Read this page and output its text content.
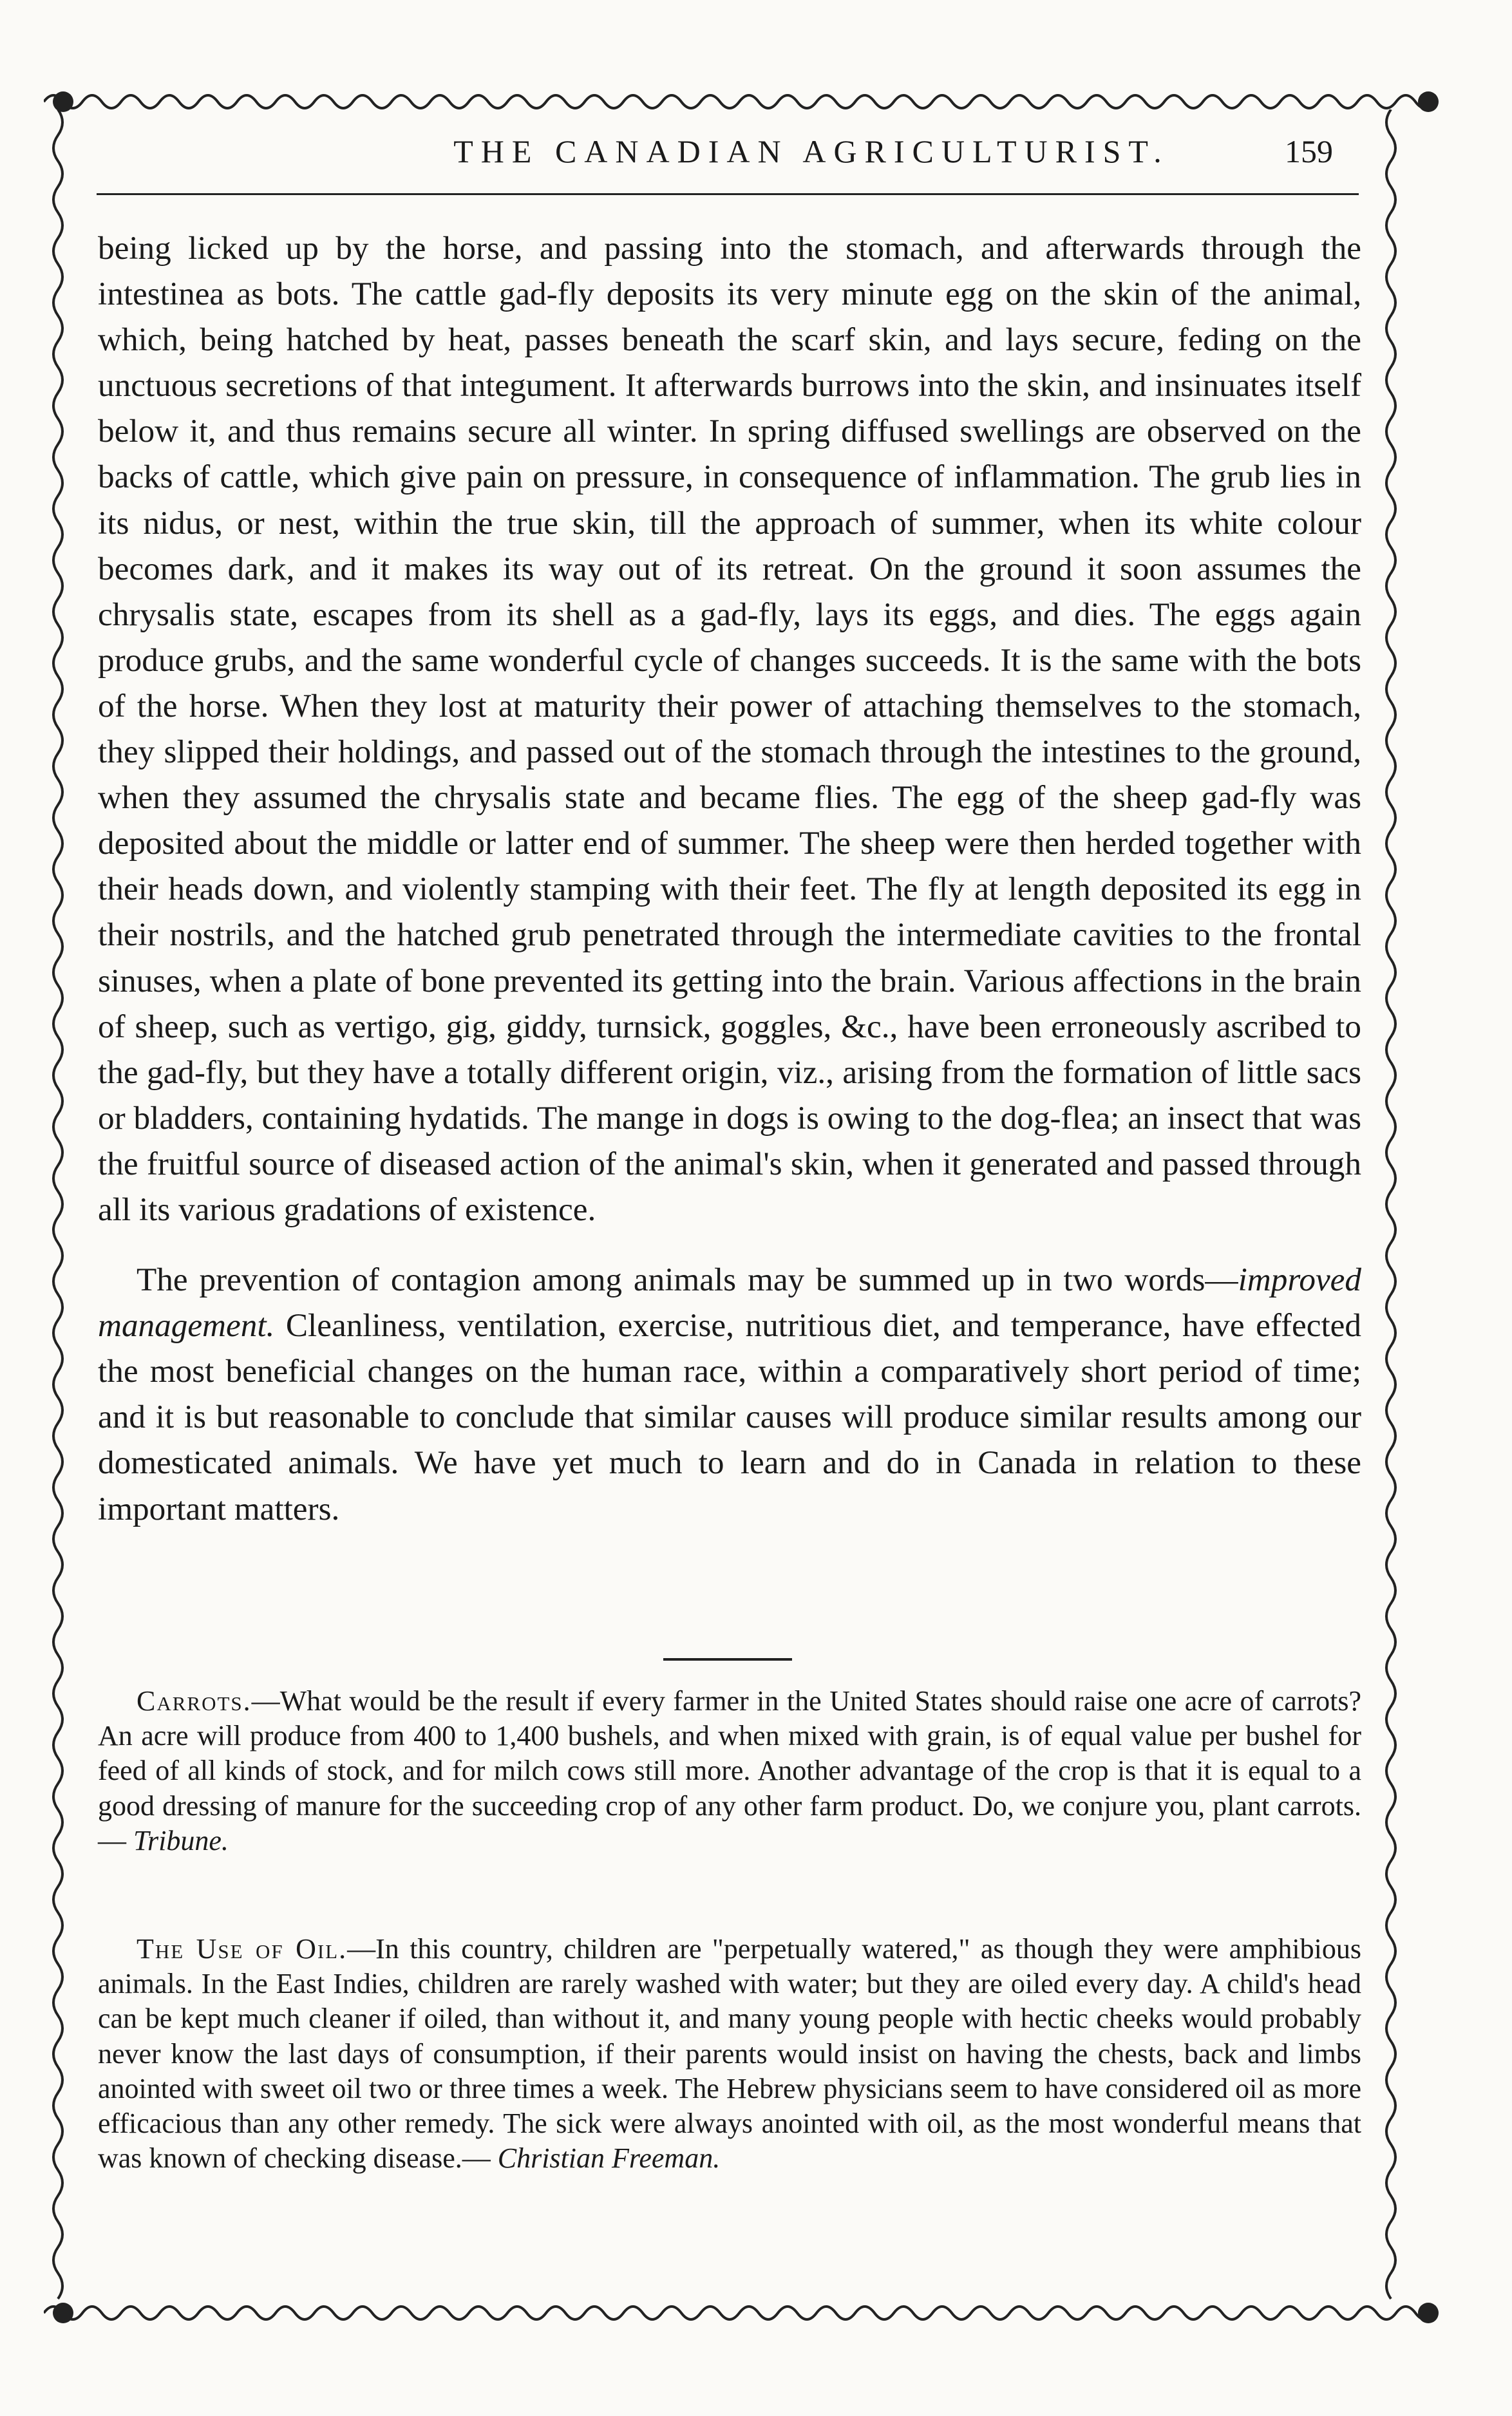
THE CANADIAN AGRICULTURIST.	159

being licked up by the horse, and passing into the stomach, and afterwards through the intestinea as bots. The cattle gad-fly deposits its very minute egg on the skin of the animal, which, being hatched by heat, passes beneath the scarf skin, and lays secure, feding on the unctuous secretions of that integument. It afterwards burrows into the skin, and insinuates itself below it, and thus remains secure all winter. In spring diffused swellings are observed on the backs of cattle, which give pain on pressure, in consequence of inflammation. The grub lies in its nidus, or nest, within the true skin, till the approach of summer, when its white colour becomes dark, and it makes its way out of its retreat. On the ground it soon assumes the chrysalis state, escapes from its shell as a gad-fly, lays its eggs, and dies. The eggs again produce grubs, and the same wonderful cycle of changes succeeds. It is the same with the bots of the horse. When they lost at maturity their power of attaching themselves to the stomach, they slipped their holdings, and passed out of the stomach through the intestines to the ground, when they assumed the chrysalis state and became flies. The egg of the sheep gad-fly was deposited about the middle or latter end of summer. The sheep were then herded together with their heads down, and violently stamping with their feet. The fly at length deposited its egg in their nostrils, and the hatched grub penetrated through the intermediate cavities to the frontal sinuses, when a plate of bone prevented its getting into the brain. Various affections in the brain of sheep, such as vertigo, gig, giddy, turnsick, goggles, &c., have been erroneously ascribed to the gad-fly, but they have a totally different origin, viz., arising from the formation of little sacs or bladders, containing hydatids. The mange in dogs is owing to the dog-flea; an insect that was the fruitful source of diseased action of the animal's skin, when it generated and passed through all its various gradations of existence.

The prevention of contagion among animals may be summed up in two words—improved management. Cleanliness, ventilation, exercise, nutritious diet, and temperance, have effected the most beneficial changes on the human race, within a comparatively short period of time; and it is but reasonable to conclude that similar causes will produce similar results among our domesticated animals. We have yet much to learn and do in Canada in relation to these important matters.

Carrots.—What would be the result if every farmer in the United States should raise one acre of carrots? An acre will produce from 400 to 1,400 bushels, and when mixed with grain, is of equal value per bushel for feed of all kinds of stock, and for milch cows still more. Another advantage of the crop is that it is equal to a good dressing of manure for the succeeding crop of any other farm product. Do, we conjure you, plant carrots.— Tribune.

The Use of Oil.—In this country, children are "perpetually watered," as though they were amphibious animals. In the East Indies, children are rarely washed with water; but they are oiled every day. A child's head can be kept much cleaner if oiled, than without it, and many young people with hectic cheeks would probably never know the last days of consumption, if their parents would insist on having the chests, back and limbs anointed with sweet oil two or three times a week. The Hebrew physicians seem to have considered oil as more efficacious than any other remedy. The sick were always anointed with oil, as the most wonderful means that was known of checking disease.— Christian Freeman.
